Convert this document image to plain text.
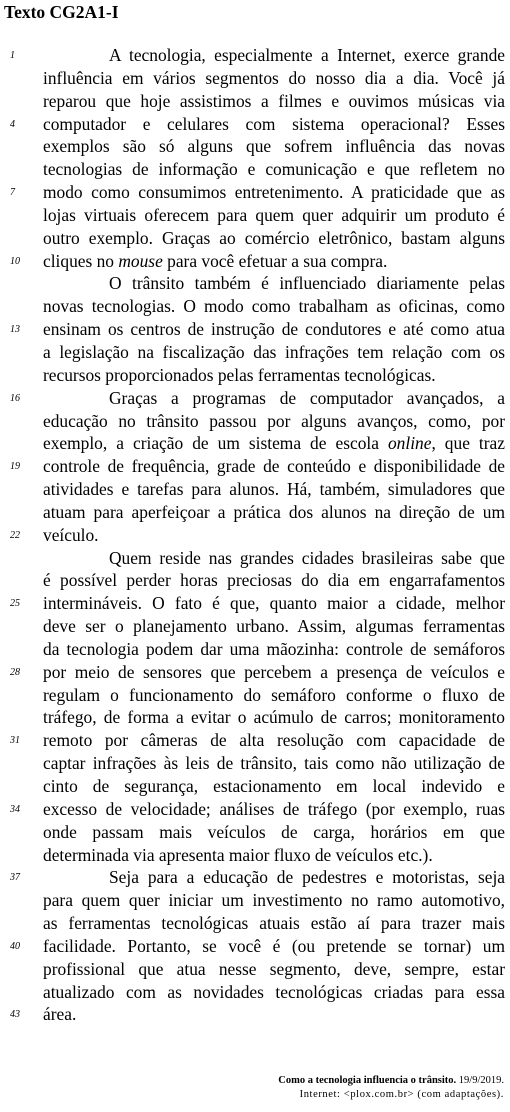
Texto CG2A1-I
1	A tecnologia, especialmente a Internet, exerce grande
influência em vários segmentos do nosso dia a dia. Você já
reparou que hoje assistimos a filmes e ouvimos músicas via
4	computador e celulares com sistema operacional? Esses
exemplos são só alguns que sofrem influência das novas
tecnologias de informação e comunicação e que refletem no
7	modo como consumimos entretenimento. A praticidade que as
lojas virtuais oferecem para quem quer adquirir um produto é
outro exemplo. Graças ao comércio eletrônico, bastam alguns
10	cliques no mouse para você efetuar a sua compra.
O trânsito também é influenciado diariamente pelas
novas tecnologias. O modo como trabalham as oficinas, como
13	ensinam os centros de instrução de condutores e até como atua
a legislação na fiscalização das infrações tem relação com os
recursos proporcionados pelas ferramentas tecnológicas.
16	Graças a programas de computador avançados, a
educação no trânsito passou por alguns avanços, como, por
exemplo, a criação de um sistema de escola online, que traz
19	controle de frequência, grade de conteúdo e disponibilidade de
atividades e tarefas para alunos. Há, também, simuladores que
atuam para aperfeiçoar a prática dos alunos na direção de um
22	veículo.
Quem reside nas grandes cidades brasileiras sabe que
é possível perder horas preciosas do dia em engarrafamentos
25	intermináveis. O fato é que, quanto maior a cidade, melhor
deve ser o planejamento urbano. Assim, algumas ferramentas
da tecnologia podem dar uma mãozinha: controle de semáforos
28	por meio de sensores que percebem a presença de veículos e
regulam o funcionamento do semáforo conforme o fluxo de
tráfego, de forma a evitar o acúmulo de carros; monitoramento
31	remoto por câmeras de alta resolução com capacidade de
captar infrações às leis de trânsito, tais como não utilização de
cinto de segurança, estacionamento em local indevido e
34	excesso de velocidade; análises de tráfego (por exemplo, ruas
onde passam mais veículos de carga, horários em que
determinada via apresenta maior fluxo de veículos etc.).
37	Seja para a educação de pedestres e motoristas, seja
para quem quer iniciar um investimento no ramo automotivo,
as ferramentas tecnológicas atuais estão aí para trazer mais
40	facilidade. Portanto, se você é (ou pretende se tornar) um
profissional que atua nesse segmento, deve, sempre, estar
atualizado com as novidades tecnológicas criadas para essa
43	área.
Como a tecnologia influencia o trânsito. 19/9/2019.
Internet: <plox.com.br> (com adaptações).
